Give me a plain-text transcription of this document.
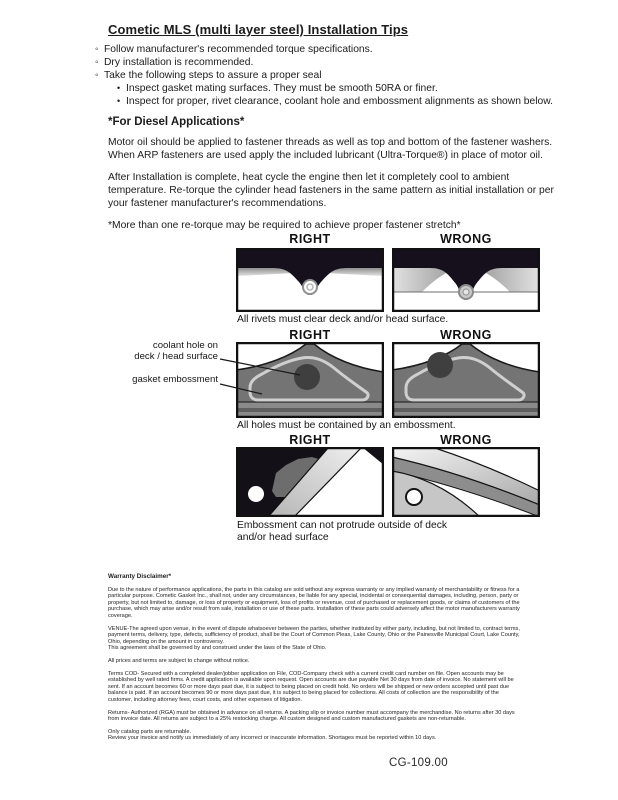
Cometic MLS (multi layer steel) Installation Tips
◦ Follow manufacturer's recommended torque specifications.
◦ Dry installation is recommended.
◦ Take the following steps to assure a proper seal
• Inspect gasket mating surfaces. They must be smooth 50RA or finer.
• Inspect for proper, rivet clearance, coolant hole and embossment alignments as shown below.
*For Diesel Applications*

Motor oil should be applied to fastener threads as well as top and bottom of the fastener washers. When ARP fasteners are used apply the included lubricant (Ultra-Torque®) in place of motor oil.

After Installation is complete, heat cycle the engine then let it completely cool to ambient temperature. Re-torque the cylinder head fasteners in the same pattern as initial installation or per your fastener manufacturer's recommendations.

*More than one re-torque may be required to achieve proper fastener stretch*

RIGHT	WRONG
All rivets must clear deck and/or head surface.
RIGHT	WRONG
coolant hole on
deck / head surface
gasket embossment
All holes must be contained by an embossment.
RIGHT	WRONG
Embossment can not protrude outside of deck
and/or head surface

Warranty Disclaimer*

Due to the nature of performance applications, the parts in this catalog are sold without any express warranty or any implied warranty of merchantability or fitness for a particular purpose. Cometic Gasket Inc., shall not, under any circumstances, be liable for any special, incidental or consequential damages, including, person, party or property, but not limited to, damage, or loss of property or equipment, loss of profits or revenue, cost of purchased or replacement goods, or claims of customers of the purchase, which may arise and/or result from sale, installation or use of these parts. Installation of these parts could adversely affect the motor manufacturers warranty coverage.

VENUE-The agreed upon venue, in the event of dispute whatsoever between the parties, whether instituted by either party, including, but not limited to, contract terms, payment terms, delivery, type, defects, sufficiency of product, shall be the Court of Common Pleas, Lake County, Ohio or the Painesville Municipal Court, Lake County, Ohio, depending on the amount in controversy.

This agreement shall be governed by and construed under the laws of the State of Ohio.

All prices and terms are subject to change without notice.

Terms COD- Secured with a completed dealer/jobber application on File, COD-Company check with a current credit card number on file. Open accounts may be established by well rated firms. A credit application is available upon request. Open accounts are due payable Net 30 days from date of invoice. No statement will be sent. If an account becomes 60 or more days past due, it is subject to being placed on credit hold. No orders will be shipped or new orders accepted until past due balance is paid. If an account becomes 90 or more days past due, it is subject to being placed for collections. All costs of collection are the responsibility of the customer, including attorney fees, court costs, and other expenses of litigation.

Returns- Authorized (RGA) must be obtained in advance on all returns. A packing slip or invoice number must accompany the merchandise. No returns after 30 days from invoice date. All returns are subject to a 25% restocking charge. All custom designed and custom manufactured gaskets are non-returnable.

Only catalog parts are returnable.

Review your invoice and notify us immediately of any incorrect or inaccurate information. Shortages must be reported within 10 days.

CG-109.00
